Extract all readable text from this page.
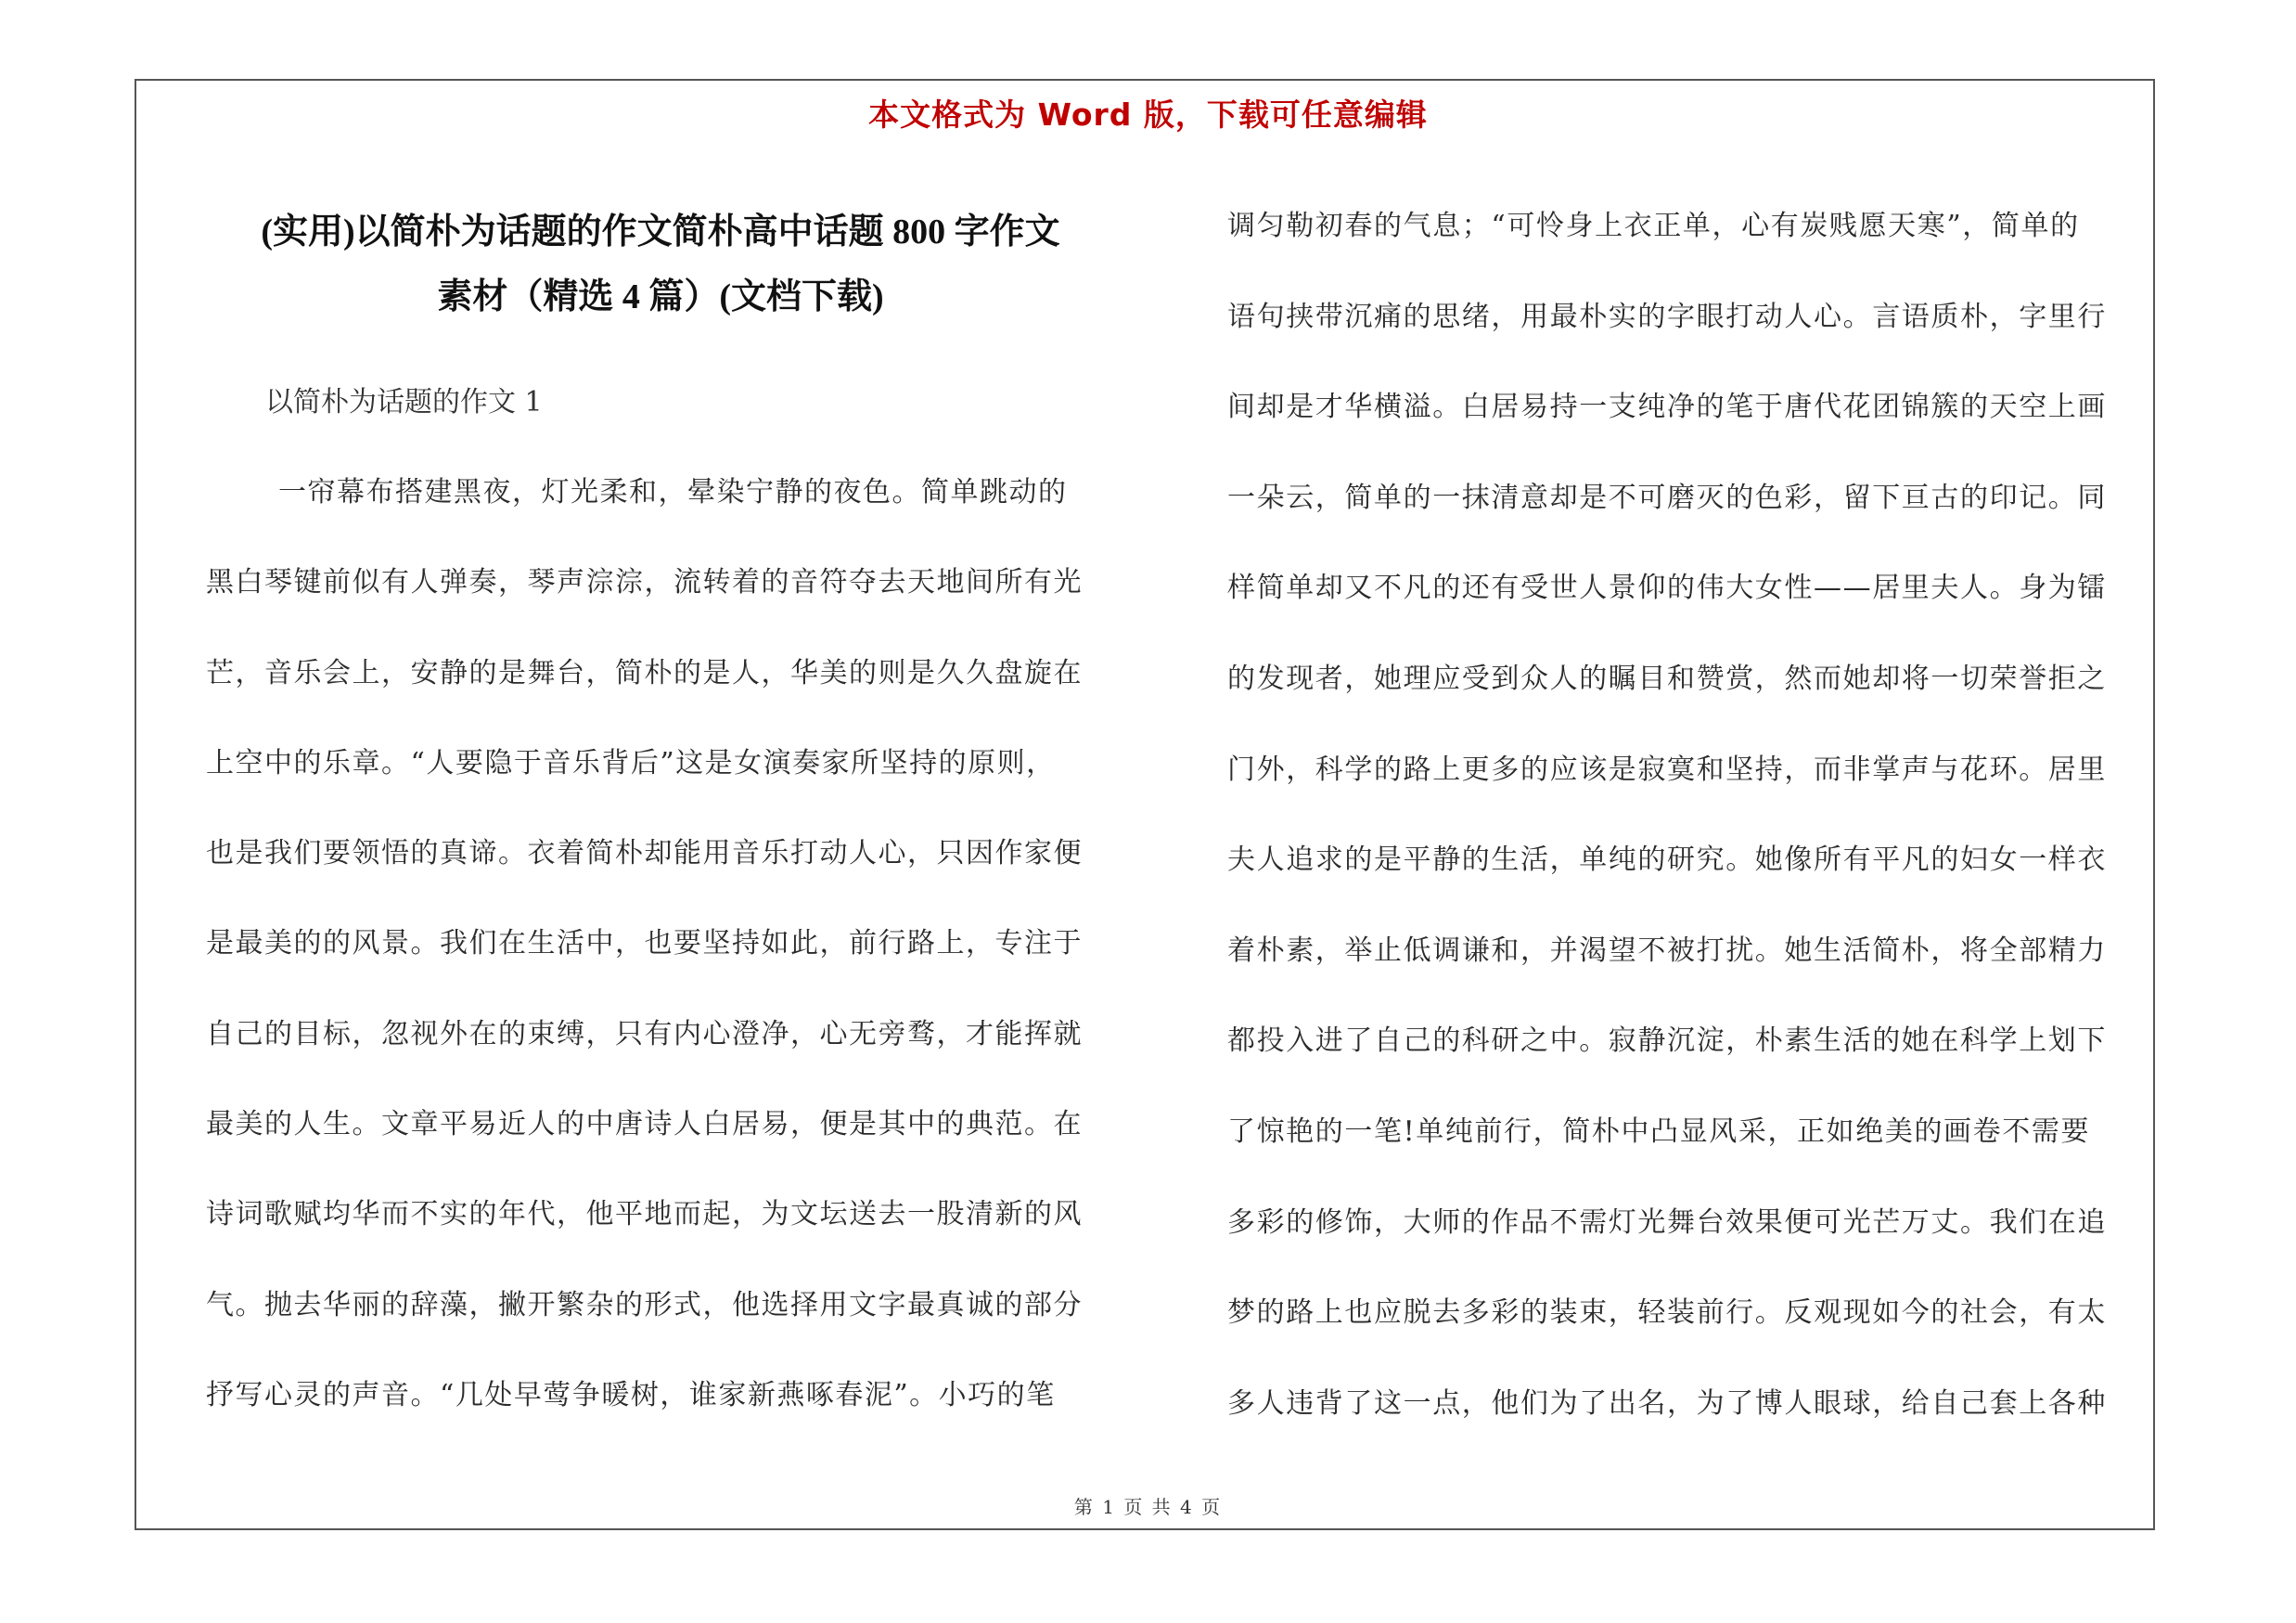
本文格式为 Word 版，下载可任意编辑
(实用)以简朴为话题的作文简朴高中话题 800 字作文
素材（精选 4 篇）(文档下载)

以简朴为话题的作文 1

一帘幕布搭建黑夜，灯光柔和，晕染宁静的夜色。简单跳动的

黑白琴键前似有人弹奏，琴声淙淙，流转着的音符夺去天地间所有光

芒，音乐会上，安静的是舞台，简朴的是人，华美的则是久久盘旋在

上空中的乐章。“人要隐于音乐背后”这是女演奏家所坚持的原则，

也是我们要领悟的真谛。衣着简朴却能用音乐打动人心，只因作家便

是最美的的风景。我们在生活中，也要坚持如此，前行路上，专注于

自己的目标，忽视外在的束缚，只有内心澄净，心无旁骛，才能挥就

最美的人生。文章平易近人的中唐诗人白居易，便是其中的典范。在

诗词歌赋均华而不实的年代，他平地而起，为文坛送去一股清新的风

气。抛去华丽的辞藻，撇开繁杂的形式，他选择用文字最真诚的部分

抒写心灵的声音。“几处早莺争暖树，谁家新燕啄春泥”。小巧的笔

调匀勒初春的气息；“可怜身上衣正单，心有炭贱愿天寒”，简单的

语句挟带沉痛的思绪，用最朴实的字眼打动人心。言语质朴，字里行

间却是才华横溢。白居易持一支纯净的笔于唐代花团锦簇的天空上画

一朵云，简单的一抹清意却是不可磨灭的色彩，留下亘古的印记。同

样简单却又不凡的还有受世人景仰的伟大女性——居里夫人。身为镭

的发现者，她理应受到众人的瞩目和赞赏，然而她却将一切荣誉拒之

门外，科学的路上更多的应该是寂寞和坚持，而非掌声与花环。居里

夫人追求的是平静的生活，单纯的研究。她像所有平凡的妇女一样衣

着朴素，举止低调谦和，并渴望不被打扰。她生活简朴，将全部精力

都投入进了自己的科研之中。寂静沉淀，朴素生活的她在科学上划下

了惊艳的一笔!单纯前行，简朴中凸显风采，正如绝美的画卷不需要

多彩的修饰，大师的作品不需灯光舞台效果便可光芒万丈。我们在追

梦的路上也应脱去多彩的装束，轻装前行。反观现如今的社会，有太

多人违背了这一点，他们为了出名，为了博人眼球，给自己套上各种

第 1 页 共 4 页
